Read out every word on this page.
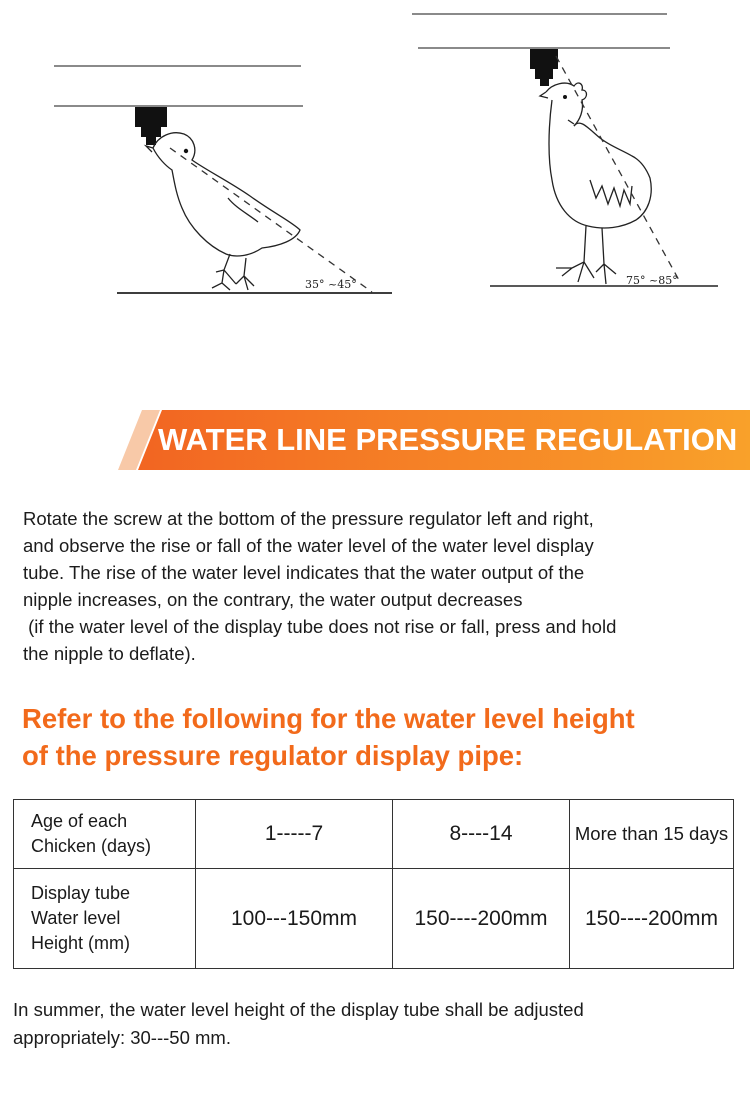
35° ~45°	75° ~85°
WATER LINE PRESSURE REGULATION

Rotate the screw at the bottom of the pressure regulator left and right,
and observe the rise or fall of the water level of the water level display
tube. The rise of the water level indicates that the water output of the
nipple increases, on the contrary, the water output decreases
(if the water level of the display tube does not rise or fall, press and hold
the nipple to deflate).

Refer to the following for the water level height
of the pressure regulator display pipe:
Age of each
Chicken (days)	1-----7	8----14	More than 15 days

Display tube
Water level
Height (mm)	100---150mm	150----200mm	150----200mm

In summer, the water level height of the display tube shall be adjusted
appropriately: 30---50 mm.
